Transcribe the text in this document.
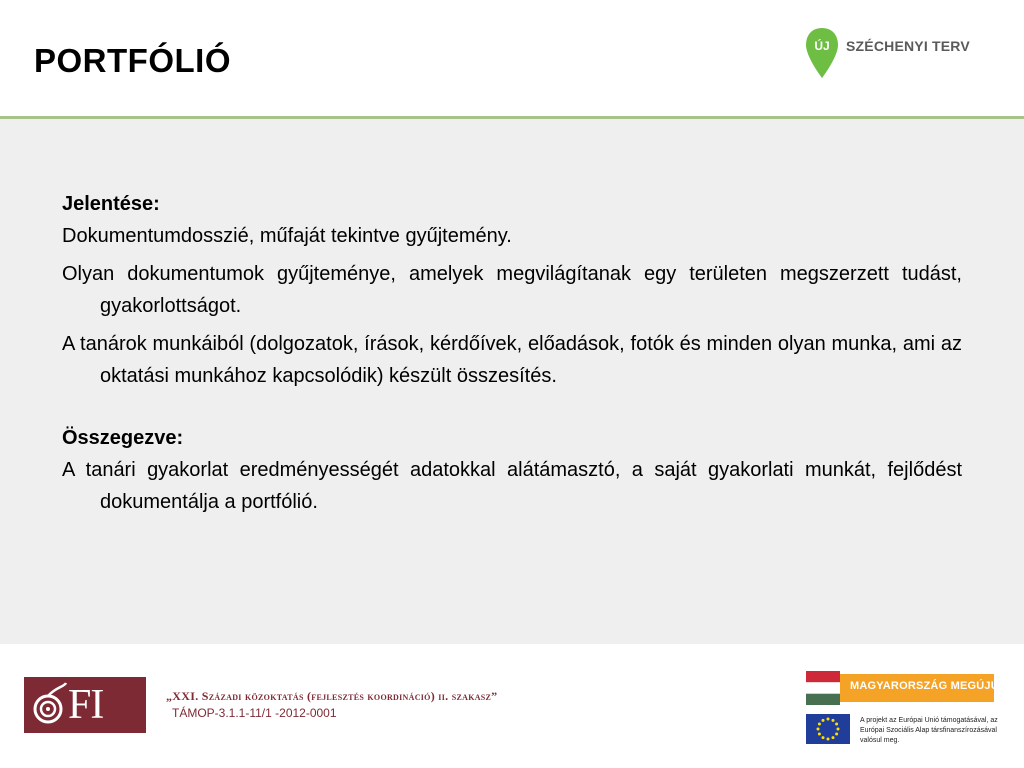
PORTFÓLIÓ	ÚJ SZÉCHENYI TERV

Jelentése:

Dokumentumdosszié, műfaját tekintve gyűjtemény.

Olyan dokumentumok gyűjteménye, amelyek megvilágítanak egy területen megszerzett tudást, gyakorlottságot.

A tanárok munkáiból (dolgozatok, írások, kérdőívek, előadások, fotók és minden olyan munka, ami az oktatási munkához kapcsolódik) készült összesítés.

Összegezve:

A tanári gyakorlat eredményességét adatokkal alátámasztó, a saját gyakorlati munkát, fejlődést dokumentálja a portfólió.

FI	„XXI. Századi közoktatás (fejlesztés koordináció) ii. szakasz”
TÁMOP-3.1.1-11/1 -2012-0001
MAGYARORSZÁG MEGÚJUL
A projekt az Európai Unió támogatásával, az Európai Szociális Alap társfinanszírozásával valósul meg.
